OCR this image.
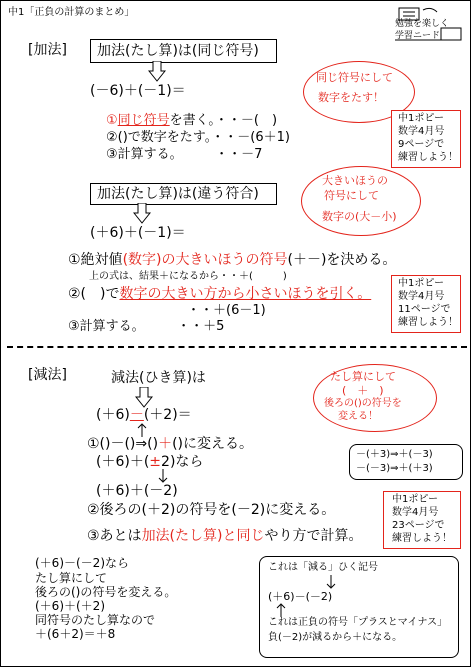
中1「正負の計算のまとめ」
勉強を楽しく
学習ニード
[加法] 加法(たし算)は(同じ符号)
(－6)＋(－1)＝
同じ符号にして
数字をたす！
①同じ符号を書く。・・－(　)
②()で数字をたす。・・－(6＋1)
③計算する。　　　・・－7
中1ポピー
数学4月号
9ページで
練習しよう！
加法(たし算)は(違う符合)
(＋6)＋(－1)＝
大きいほうの
符号にして
数字の(大－小)
①絶対値(数字)の大きいほうの符号(＋－)を決める。
上の式は、結果＋になるから・・＋(　　　)
②(　)で数字の大きい方から小さいほうを引く。
・・＋(6－1)
③計算する。　　　・・＋5
中1ポピー
数学4月号
11ページで
練習しよう！
[減法]	減法(ひき算)は
(＋6)－(＋2)＝
たし算にして
(　＋　)
後ろの()の符号を
変える！
①()－()⇒()＋()に変える。
(＋6)＋(±2)なら
(＋6)＋(－2)
②後ろの(＋2)の符号を(－2)に変える。
③あとは加法(たし算)と同じやり方で計算。
－(＋3)⇒＋(－3)
－(－3)⇒＋(＋3)
中1ポピー
数学4月号
23ページで
練習しよう！
(＋6)－(－2)なら
たし算にして
後ろの()の符号を変える。
(＋6)＋(＋2)
同符号のたし算なので
＋(6＋2)＝＋8
これは「減る」ひく記号
(＋6)－(－2)
これは正負の符号「プラスとマイナス」
負(－2)が減るから＋になる。
